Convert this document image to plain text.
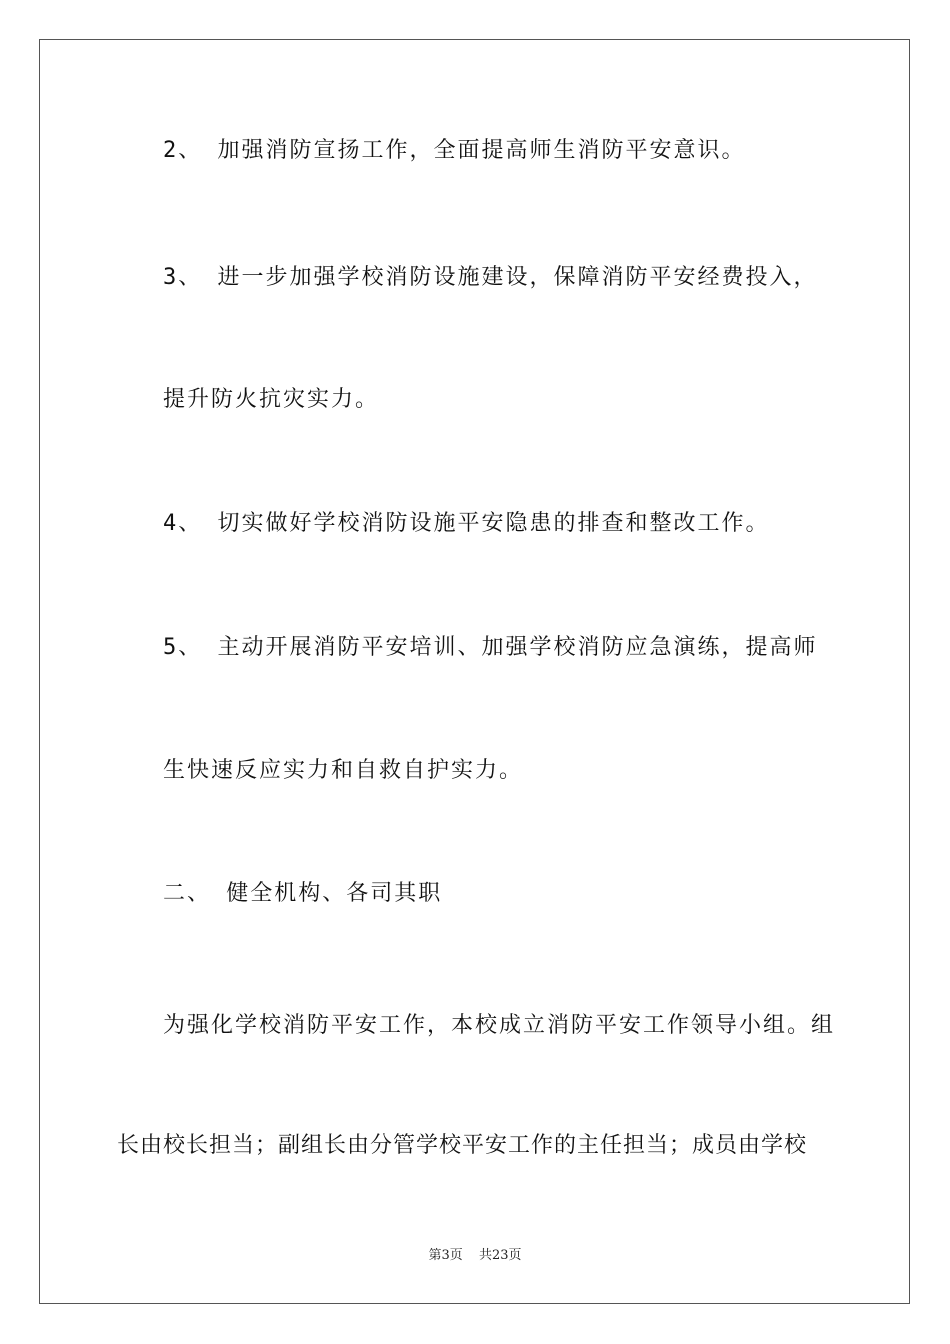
2、 加强消防宣扬工作，全面提高师生消防平安意识。
3、 进一步加强学校消防设施建设，保障消防平安经费投入，
提升防火抗灾实力。
4、 切实做好学校消防设施平安隐患的排查和整改工作。
5、 主动开展消防平安培训、加强学校消防应急演练，提高师
生快速反应实力和自救自护实力。
二、 健全机构、各司其职
为强化学校消防平安工作，本校成立消防平安工作领导小组。组
长由校长担当；副组长由分管学校平安工作的主任担当；成员由学校
第3页 共23页
